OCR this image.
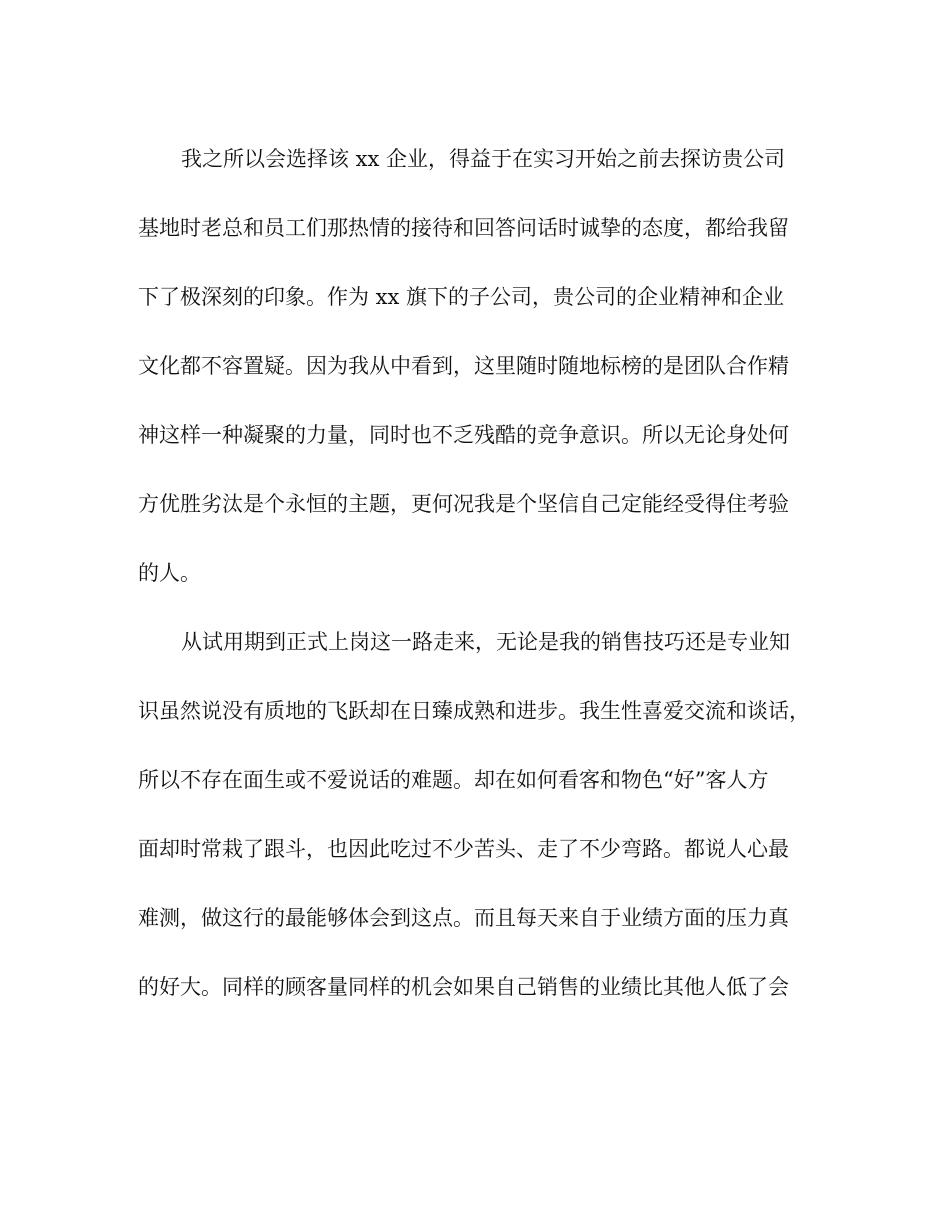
我之所以会选择该 xx 企业，得益于在实习开始之前去探访贵公司
基地时老总和员工们那热情的接待和回答问话时诚挚的态度，都给我留
下了极深刻的印象。作为 xx 旗下的子公司，贵公司的企业精神和企业
文化都不容置疑。因为我从中看到，这里随时随地标榜的是团队合作精
神这样一种凝聚的力量，同时也不乏残酷的竞争意识。所以无论身处何
方优胜劣汰是个永恒的主题，更何况我是个坚信自己定能经受得住考验
的人。
从试用期到正式上岗这一路走来，无论是我的销售技巧还是专业知
识虽然说没有质地的飞跃却在日臻成熟和进步。我生性喜爱交流和谈话，
所以不存在面生或不爱说话的难题。却在如何看客和物色“好”客人方
面却时常栽了跟斗，也因此吃过不少苦头、走了不少弯路。都说人心最
难测，做这行的最能够体会到这点。而且每天来自于业绩方面的压力真
的好大。同样的顾客量同样的机会如果自己销售的业绩比其他人低了会
